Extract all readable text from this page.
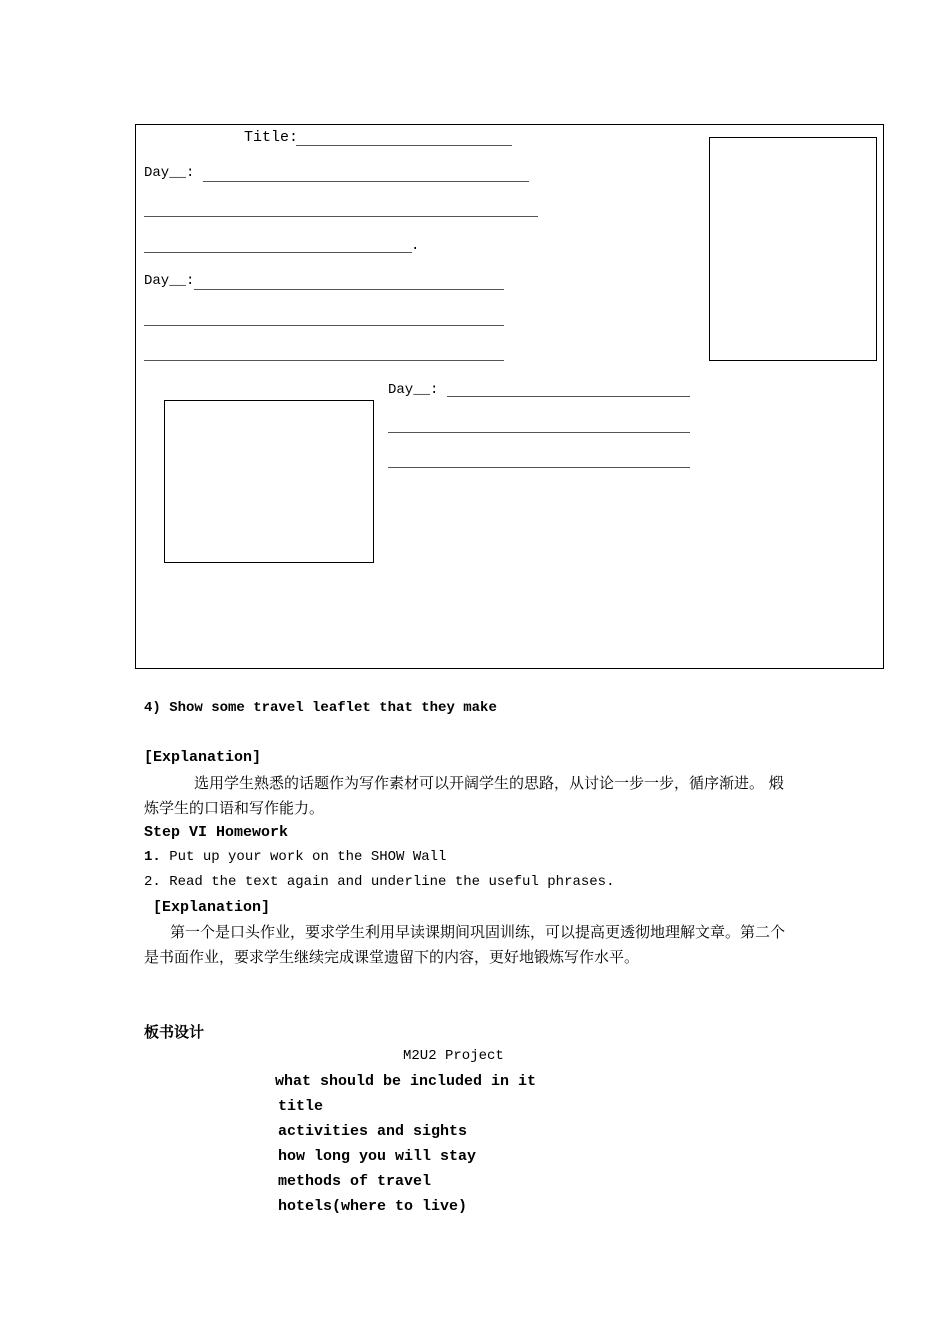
Title:
Day__:
.
Day__:
Day__:
4) Show some travel leaflet that they make
[Explanation]
选用学生熟悉的话题作为写作素材可以开阔学生的思路，从讨论一步一步，循序渐进。 煅
炼学生的口语和写作能力。
Step VI Homework
1. Put up your work on the SHOW Wall
2. Read the text again and underline the useful phrases.
[Explanation]
第一个是口头作业，要求学生利用早读课期间巩固训练，可以提高更透彻地理解文章。第二个
是书面作业，要求学生继续完成课堂遗留下的内容，更好地锻炼写作水平。
板书设计
M2U2 Project
what should be included in it
title
activities and sights
how long you will stay
methods of travel
hotels(where to live)
